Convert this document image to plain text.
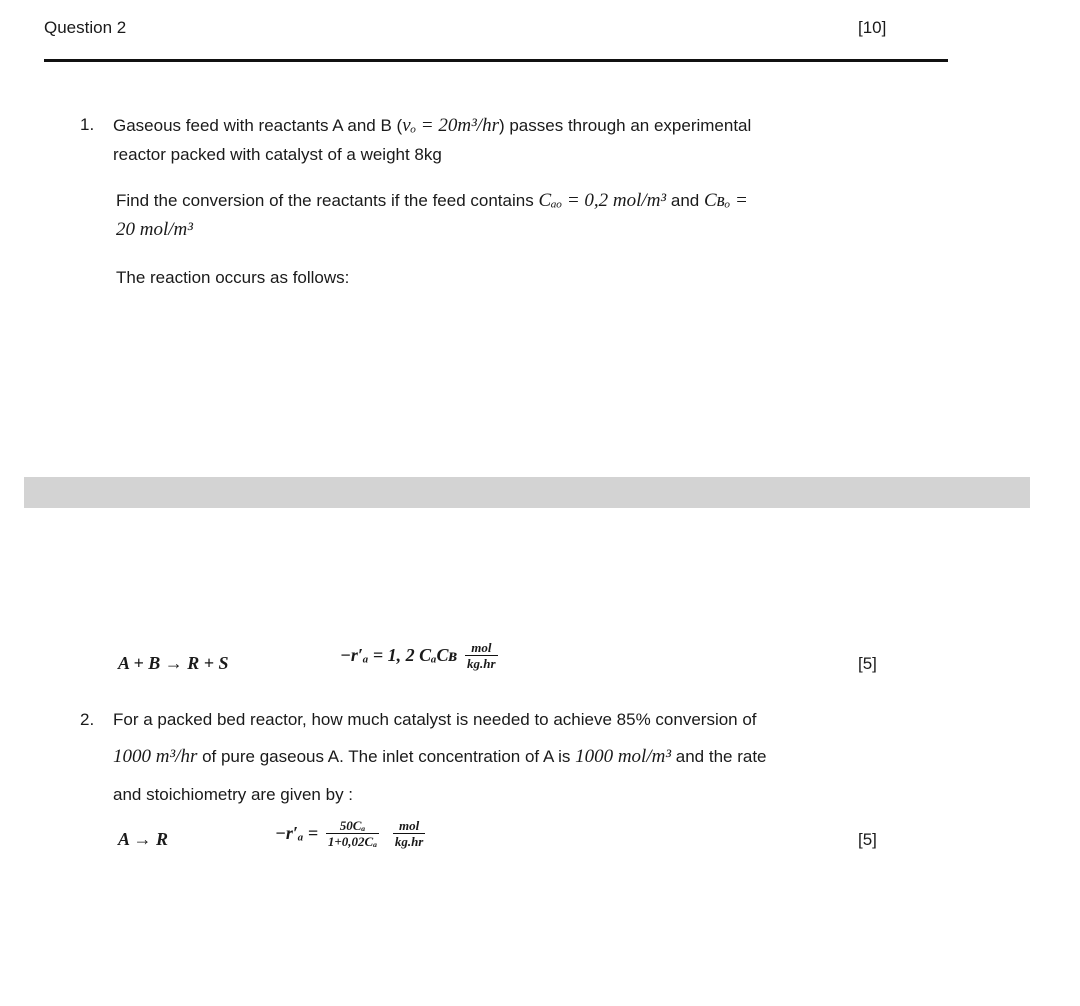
Question 2	[10]
1. Gaseous feed with reactants A and B (vₒ = 20m³/hr) passes through an experimental
reactor packed with catalyst of a weight 8kg
Find the conversion of the reactants if the feed contains Cₐₒ = 0,2 mol/m³ and Cʙₒ =
20 mol/m³
The reaction occurs as follows:
A + B → R + S	−r′ₐ = 1, 2 CₐCʙ $\frac{\text{mol}}{kg.hr}$	[5]
2. For a packed bed reactor, how much catalyst is needed to achieve 85% conversion of
1000 m³/hr of pure gaseous A. The inlet concentration of A is 1000 mol/m³ and the rate
and stoichiometry are given by :
A → R	$-r'_a = \frac{\text{50Cₐ}}{\text{1+0,02Cₐ}}$
$\frac{\text{mol}}{kg.hr}$	[5]
